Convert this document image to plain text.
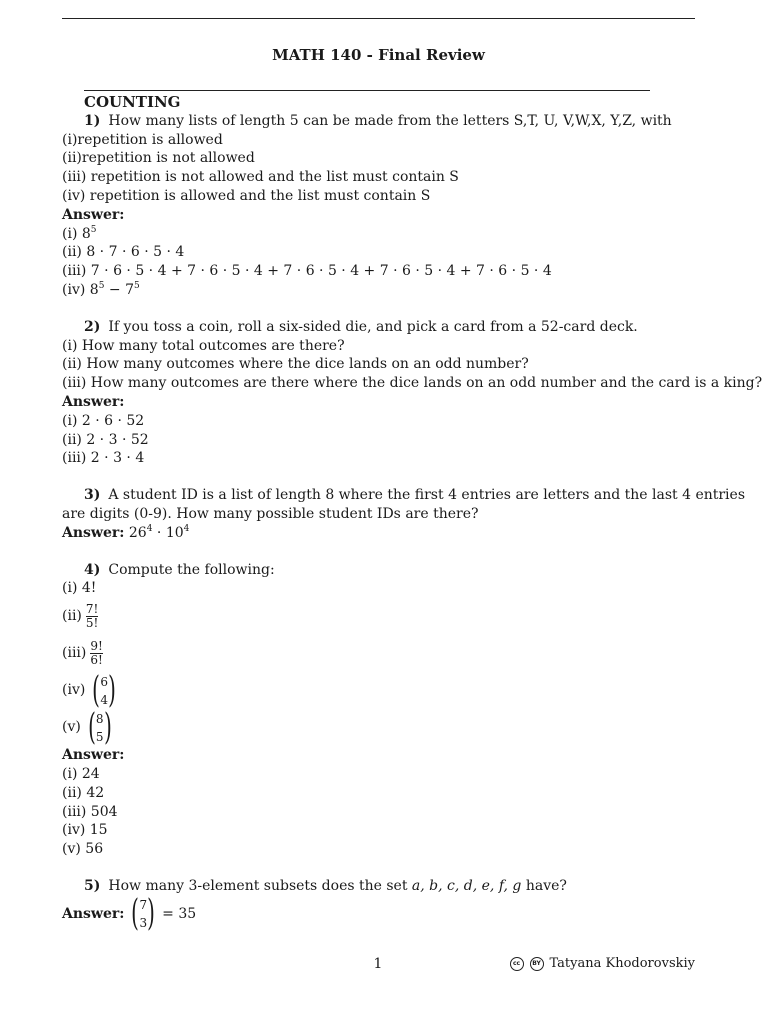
MATH 140 - Final Review
COUNTING
1) How many lists of length 5 can be made from the letters S,T, U, V,W,X, Y,Z, with
(i)repetition is allowed
(ii)repetition is not allowed
(iii) repetition is not allowed and the list must contain S
(iv) repetition is allowed and the list must contain S
Answer:
(i) $8^5$
(ii) 8 · 7 · 6 · 5 · 4
(iii) 7 · 6 · 5 · 4 + 7 · 6 · 5 · 4 + 7 · 6 · 5 · 4 + 7 · 6 · 5 · 4 + 7 · 6 · 5 · 4
(iv) $8^5 - 7^5$
2) If you toss a coin, roll a six-sided die, and pick a card from a 52-card deck.
(i) How many total outcomes are there?
(ii) How many outcomes where the dice lands on an odd number?
(iii) How many outcomes are there where the dice lands on an odd number and the card is a king?
Answer:
(i) 2 · 6 · 52
(ii) 2 · 3 · 52
(iii) 2 · 3 · 4
3) A student ID is a list of length 8 where the first 4 entries are letters and the last 4 entries
are digits (0-9). How many possible student IDs are there?
Answer: $26^4 \cdot 10^4$
4) Compute the following:
(i) 4!
$(ii) \frac{7!}{5!}$
$(iii) \frac{9!}{6!}$
(iv) ( 6
4 )
(v) ( 8
5 )
Answer:
(i) 24
(ii) 42
(iii) 504
(iv) 15
(v) 56
5) How many 3-element subsets does the set a, b, c, d, e, f, g have?
Answer: ( 7
3 ) = 35
1	cc	BY Tatyana Khodorovskiy
